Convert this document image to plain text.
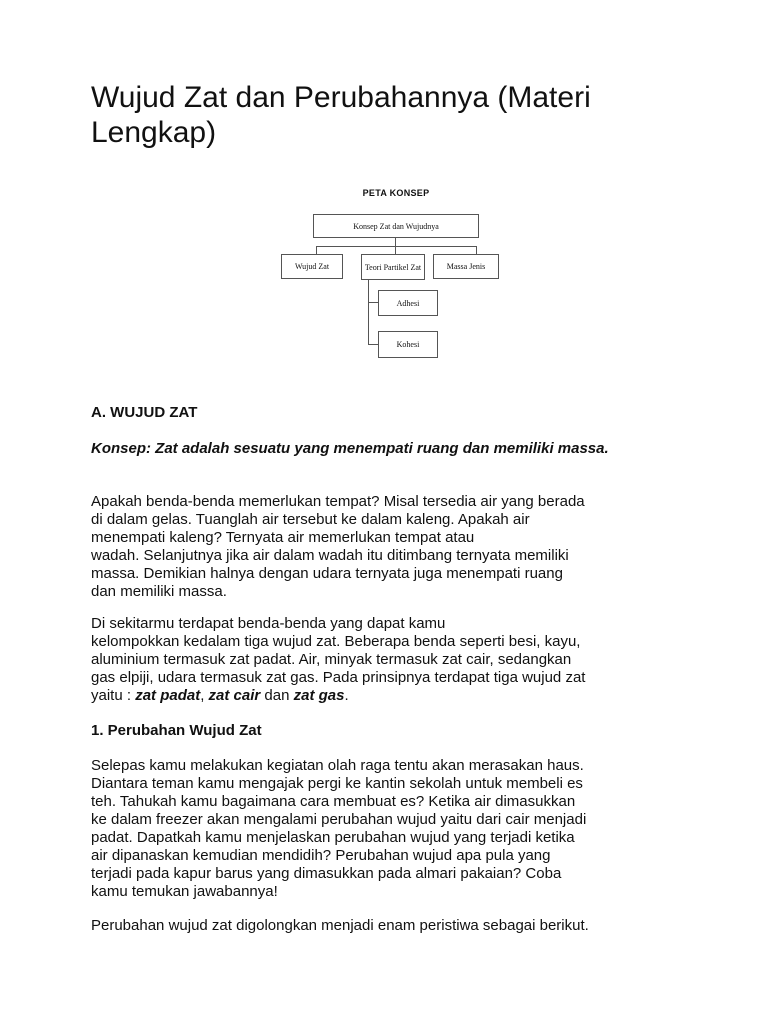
Wujud Zat dan Perubahannya (Materi Lengkap)
PETA KONSEP
Konsep Zat dan Wujudnya
Wujud Zat	Teori Partikel Zat	Massa Jenis
Adhesi
Kohesi

A. WUJUD ZAT

Konsep: Zat adalah sesuatu yang menempati ruang dan memiliki massa.

Apakah benda-benda memerlukan tempat? Misal tersedia air yang berada

di dalam gelas. Tuanglah air tersebut ke dalam kaleng. Apakah air

menempati kaleng? Ternyata air memerlukan tempat atau

wadah. Selanjutnya jika air dalam wadah itu ditimbang ternyata memiliki

massa. Demikian halnya dengan udara ternyata juga menempati ruang

dan memiliki massa.

Di sekitarmu terdapat benda-benda yang dapat kamu

kelompokkan kedalam tiga wujud zat. Beberapa benda seperti besi, kayu,

aluminium termasuk zat padat. Air, minyak termasuk zat cair, sedangkan

gas elpiji, udara termasuk zat gas. Pada prinsipnya terdapat tiga wujud zat

yaitu : zat padat, zat cair dan zat gas.

1. Perubahan Wujud Zat

Selepas kamu melakukan kegiatan olah raga tentu akan merasakan haus.

Diantara teman kamu mengajak pergi ke kantin sekolah untuk membeli es

teh. Tahukah kamu bagaimana cara membuat es? Ketika air dimasukkan

ke dalam freezer akan mengalami perubahan wujud yaitu dari cair menjadi

padat. Dapatkah kamu menjelaskan perubahan wujud yang terjadi ketika

air dipanaskan kemudian mendidih? Perubahan wujud apa pula yang

terjadi pada kapur barus yang dimasukkan pada almari pakaian? Coba

kamu temukan jawabannya!

Perubahan wujud zat digolongkan menjadi enam peristiwa sebagai berikut.
